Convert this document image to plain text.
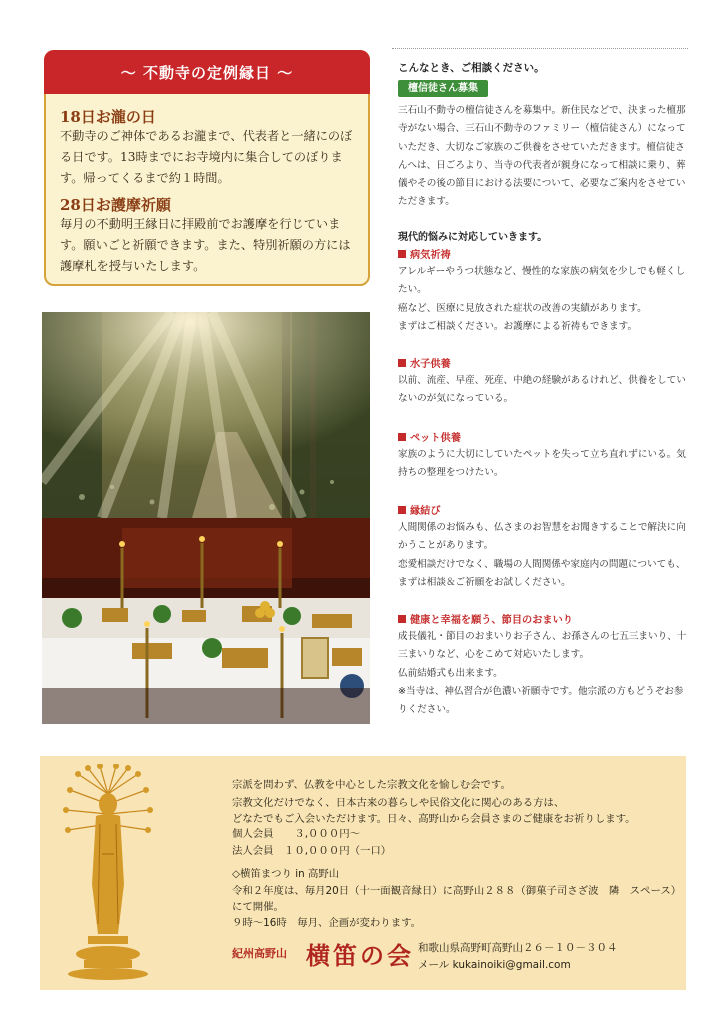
～ 不動寺の定例縁日 ～
18日お瀧の日
不動寺のご神体であるお瀧まで、代表者と一緒にのぼる日です。13時までにお寺境内に集合してのぼります。帰ってくるまで約１時間。
28日お護摩祈願
毎月の不動明王縁日に拝殿前でお護摩を行じています。願いごと祈願できます。また、特別祈願の方には護摩札を授与いたします。
こんなとき、ご相談ください。
檀信徒さん募集
三石山不動寺の檀信徒さんを募集中。新住民などで、決まった檀那寺がない場合、三石山不動寺のファミリー（檀信徒さん）になっていただき、大切なご家族のご供養をさせていただきます。檀信徒さんへは、日ごろより、当寺の代表者が親身になって相談に乗り、葬儀やその後の節目における法要について、必要なご案内をさせていただきます。
現代的悩みに対応していきます。
病気祈祷
アレルギーやうつ状態など、慢性的な家族の病気を少しでも軽くしたい。
癌など、医療に見放された症状の改善の実績があります。
まずはご相談ください。お護摩による祈祷もできます。
水子供養
以前、流産、早産、死産、中絶の経験があるけれど、供養をしていないのが気になっている。
ペット供養
家族のように大切にしていたペットを失って立ち直れずにいる。気持ちの整理をつけたい。
縁結び
人間関係のお悩みも、仏さまのお智慧をお聞きすることで解決に向かうことがあります。
恋愛相談だけでなく、職場の人間関係や家庭内の問題についても、まずは相談＆ご祈願をお試しください。
健康と幸福を願う、節目のおまいり
成長儀礼・節目のおまいりお子さん、お孫さんの七五三まいり、十三まいりなど、心をこめて対応いたします。
仏前結婚式も出来ます。
※当寺は、神仏習合が色濃い祈願寺です。他宗派の方もどうぞお参りください。
宗派を問わず、仏教を中心とした宗教文化を愉しむ会です。
宗教文化だけでなく、日本古来の暮らしや民俗文化に関心のある方は、
どなたでもご入会いただけます。日々、高野山から会員さまのご健康をお祈りします。
個人会員　　３,０００円～
法人会員　１０,０００円（一口）
◇横笛まつり in 高野山
令和２年度は、毎月20日（十一面観音縁日）に高野山２８８（御菓子司さざ波　隣　スペース）
にて開催。
９時～16時　毎月、企画が変わります。
紀州高野山 横笛の会 和歌山県高野町高野山２６－１０－３０４
メール kukainoiki@gmail.com
